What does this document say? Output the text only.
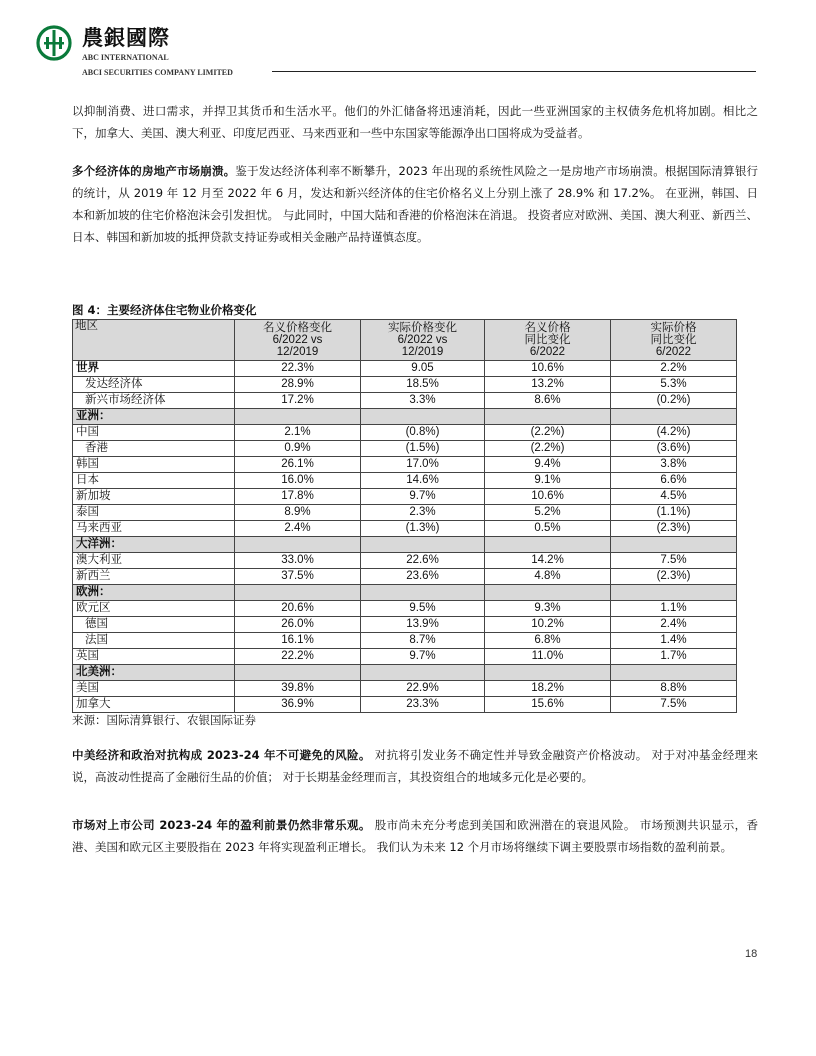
農銀國際
ABC INTERNATIONAL
ABCI SECURITIES COMPANY LIMITED
以抑制消费、进口需求，并捍卫其货币和生活水平。他们的外汇储备将迅速消耗，因此一些亚洲国家的主权债务危机将加剧。相比之下，加拿大、美国、澳大利亚、印度尼西亚、马来西亚和一些中东国家等能源净出口国将成为受益者。
多个经济体的房地产市场崩溃。鉴于发达经济体利率不断攀升，2023 年出现的系统性风险之一是房地产市场崩溃。根据国际清算银行的统计，从 2019 年 12 月至 2022 年 6 月，发达和新兴经济体的住宅价格名义上分别上涨了 28.9% 和 17.2%。 在亚洲，韩国、日本和新加坡的住宅价格泡沫会引发担忧。 与此同时，中国大陆和香港的价格泡沫在消退。 投资者应对欧洲、美国、澳大利亚、新西兰、日本、韩国和新加坡的抵押贷款支持证券或相关金融产品持谨慎态度。
图 4：主要经济体住宅物业价格变化
地区	名义价格变化
6/2022 vs
12/2019	实际价格变化
6/2022 vs
12/2019	名义价格
同比变化
6/2022	实际价格
同比变化
6/2022
世界	22.3%	9.05	10.6%	2.2%
发达经济体	28.9%	18.5%	13.2%	5.3%
新兴市场经济体	17.2%	3.3%	8.6%	(0.2%)
亚洲：				
中国	2.1%	(0.8%)	(2.2%)	(4.2%)
香港	0.9%	(1.5%)	(2.2%)	(3.6%)
韩国	26.1%	17.0%	9.4%	3.8%
日本	16.0%	14.6%	9.1%	6.6%
新加坡	17.8%	9.7%	10.6%	4.5%
泰国	8.9%	2.3%	5.2%	(1.1%)
马来西亚	2.4%	(1.3%)	0.5%	(2.3%)
大洋洲：				
澳大利亚	33.0%	22.6%	14.2%	7.5%
新西兰	37.5%	23.6%	4.8%	(2.3%)
欧洲：				
欧元区	20.6%	9.5%	9.3%	1.1%
德国	26.0%	13.9%	10.2%	2.4%
法国	16.1%	8.7%	6.8%	1.4%
英国	22.2%	9.7%	11.0%	1.7%
北美洲：				
美国	39.8%	22.9%	18.2%	8.8%
加拿大	36.9%	23.3%	15.6%	7.5%
来源：国际清算银行、农银国际证券
中美经济和政治对抗构成 2023-24 年不可避免的风险。 对抗将引发业务不确定性并导致金融资产价格波动。 对于对冲基金经理来说，高波动性提高了金融衍生品的价值； 对于长期基金经理而言，其投资组合的地域多元化是必要的。
市场对上市公司 2023-24 年的盈利前景仍然非常乐观。 股市尚未充分考虑到美国和欧洲潜在的衰退风险。 市场预测共识显示，香港、美国和欧元区主要股指在 2023 年将实现盈利正增长。 我们认为未来 12 个月市场将继续下调主要股票市场指数的盈利前景。
18
